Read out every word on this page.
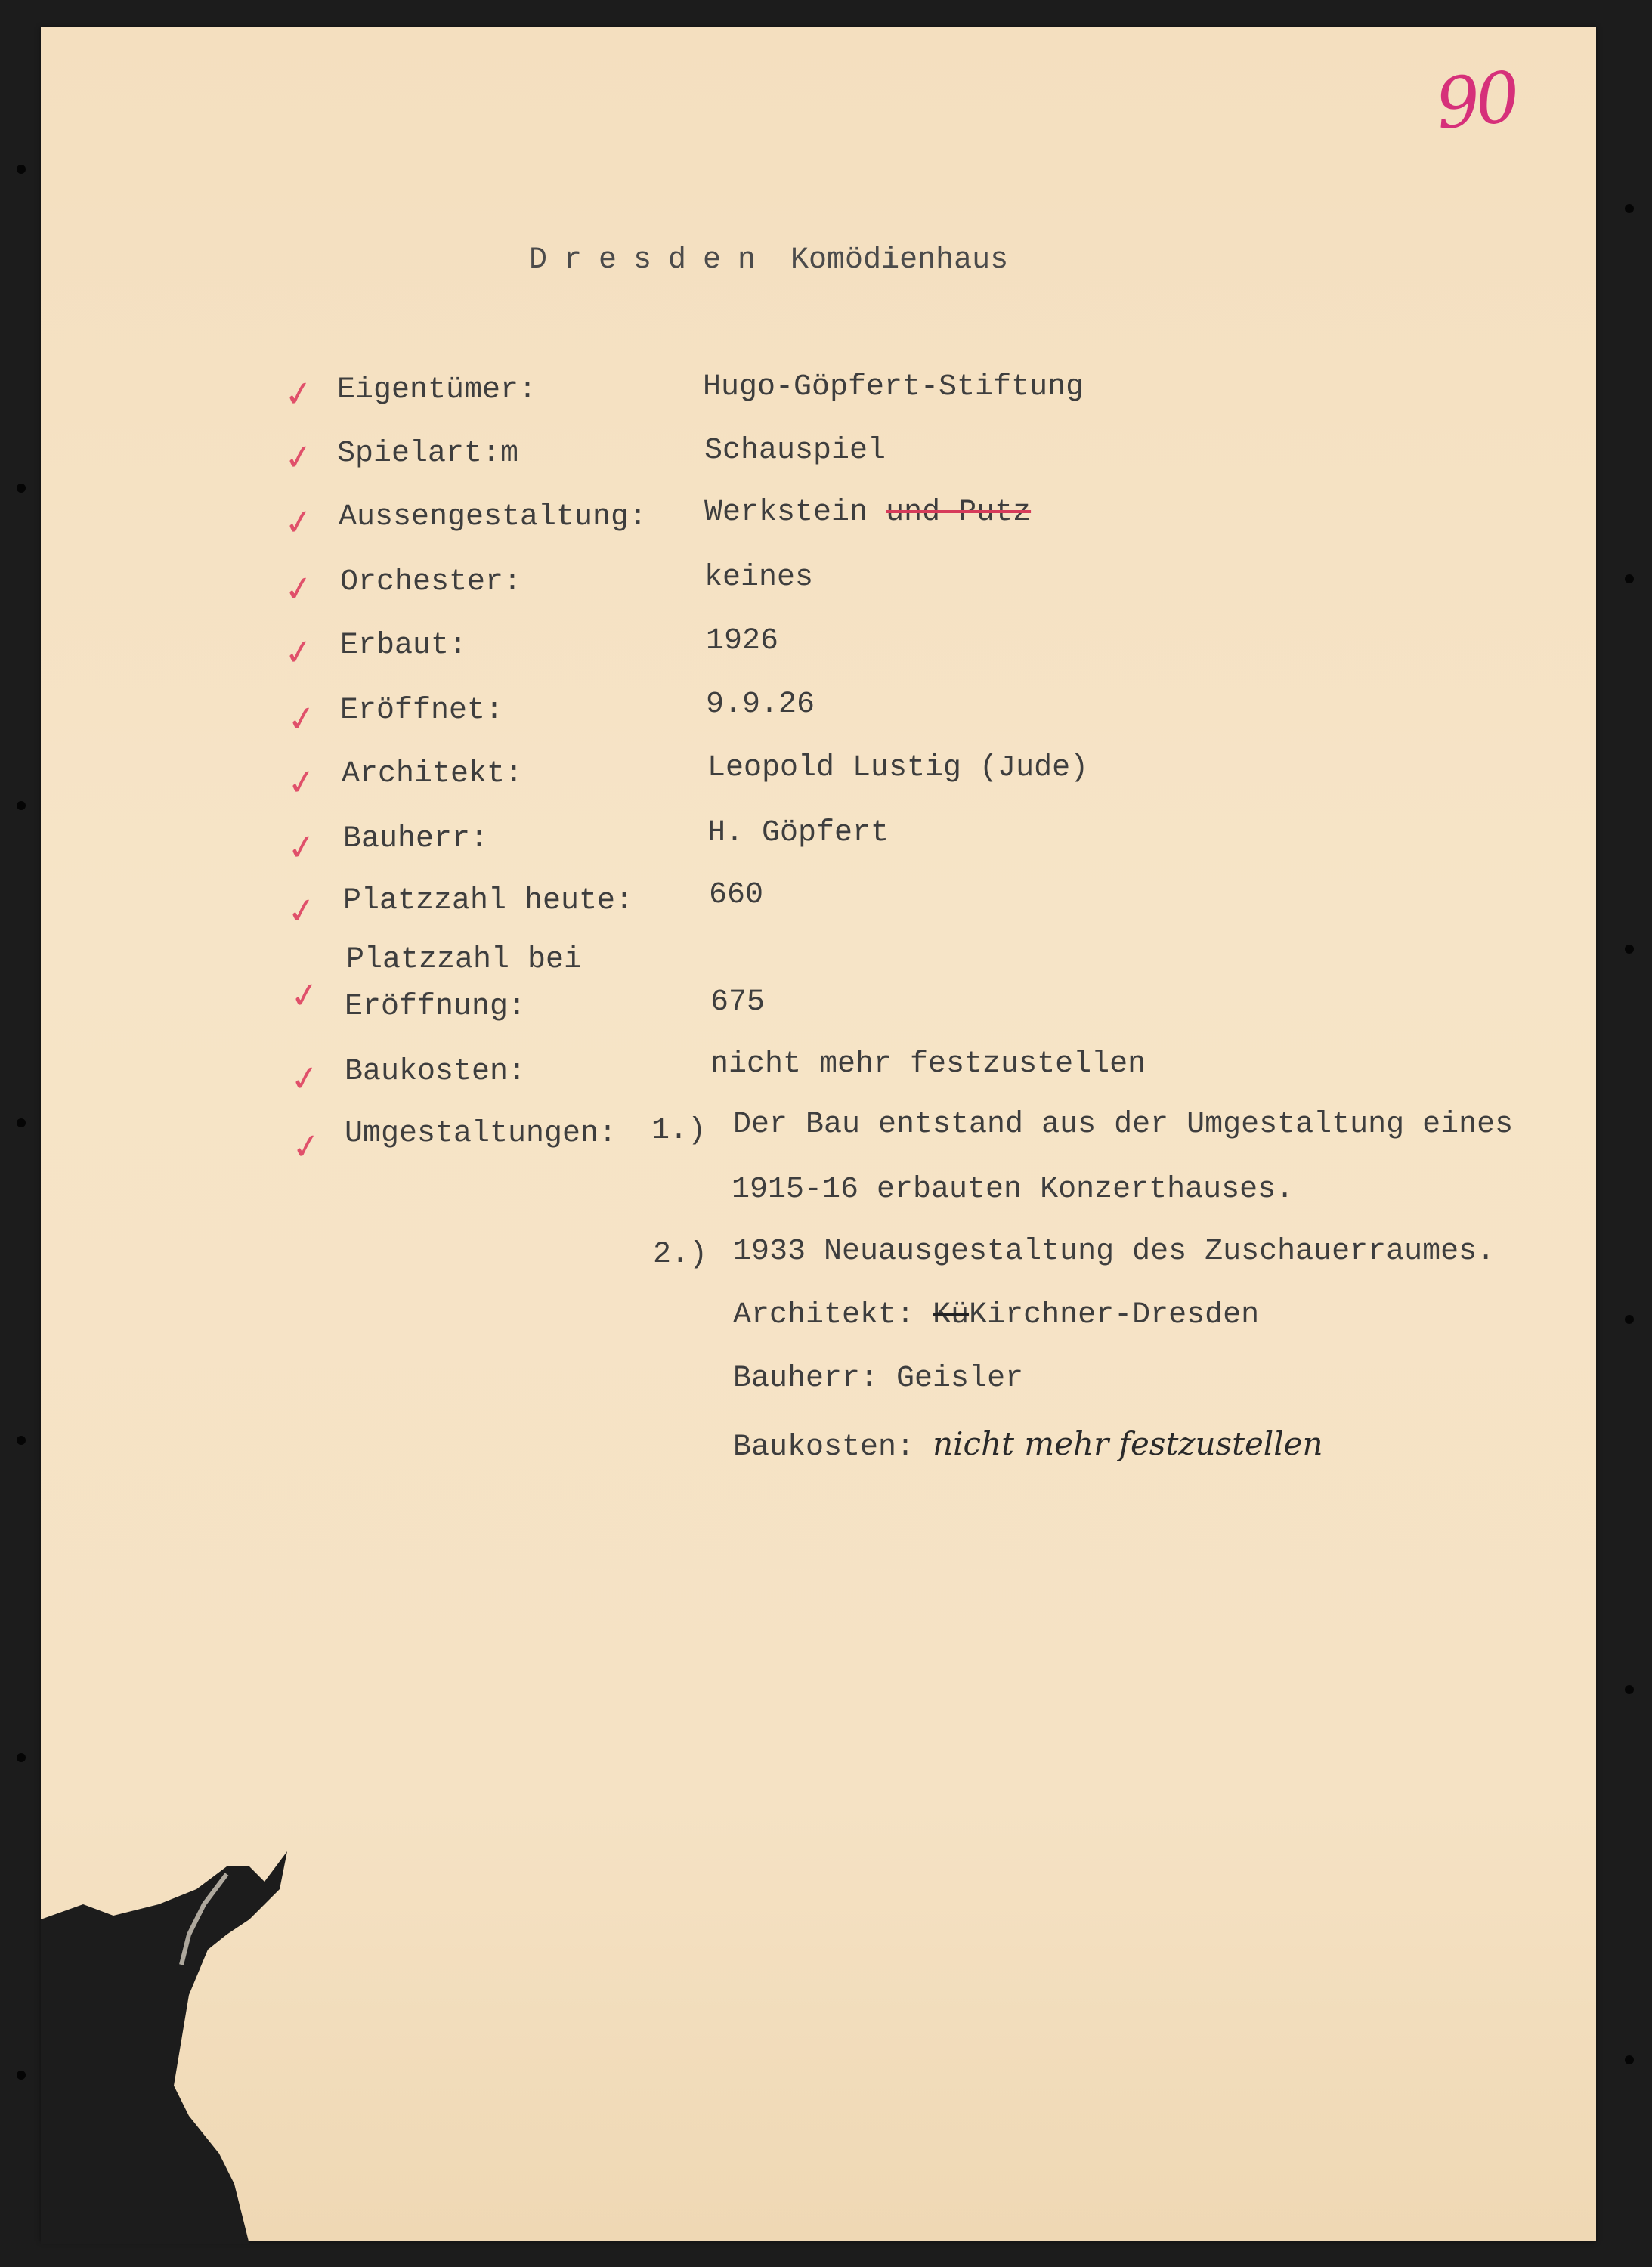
90
Dresden Komödienhaus
✓ Eigentümer:	Hugo-Göpfert-Stiftung
✓ Spielart:m	Schauspiel
✓ Aussengestaltung: Werkstein und Putz
✓ Orchester:	keines
✓ Erbaut:	1926
✓ Eröffnet:	9.9.26
✓ Architekt:	Leopold Lustig (Jude)
✓ Bauherr:	H. Göpfert
✓ Platzzahl heute: 660
✓
Platzzahl bei
Eröffnung:	675
✓ Baukosten:	nicht mehr festzustellen
✓ Umgestaltungen: 1.) Der Bau entstand aus der Umgestaltung eines
1915-16 erbauten Konzerthauses.
2.) 1933 Neuausgestaltung des Zuschauerraumes.
Architekt: KüKirchner-Dresden
Bauherr: Geisler
Baukosten: nicht mehr festzustellen
